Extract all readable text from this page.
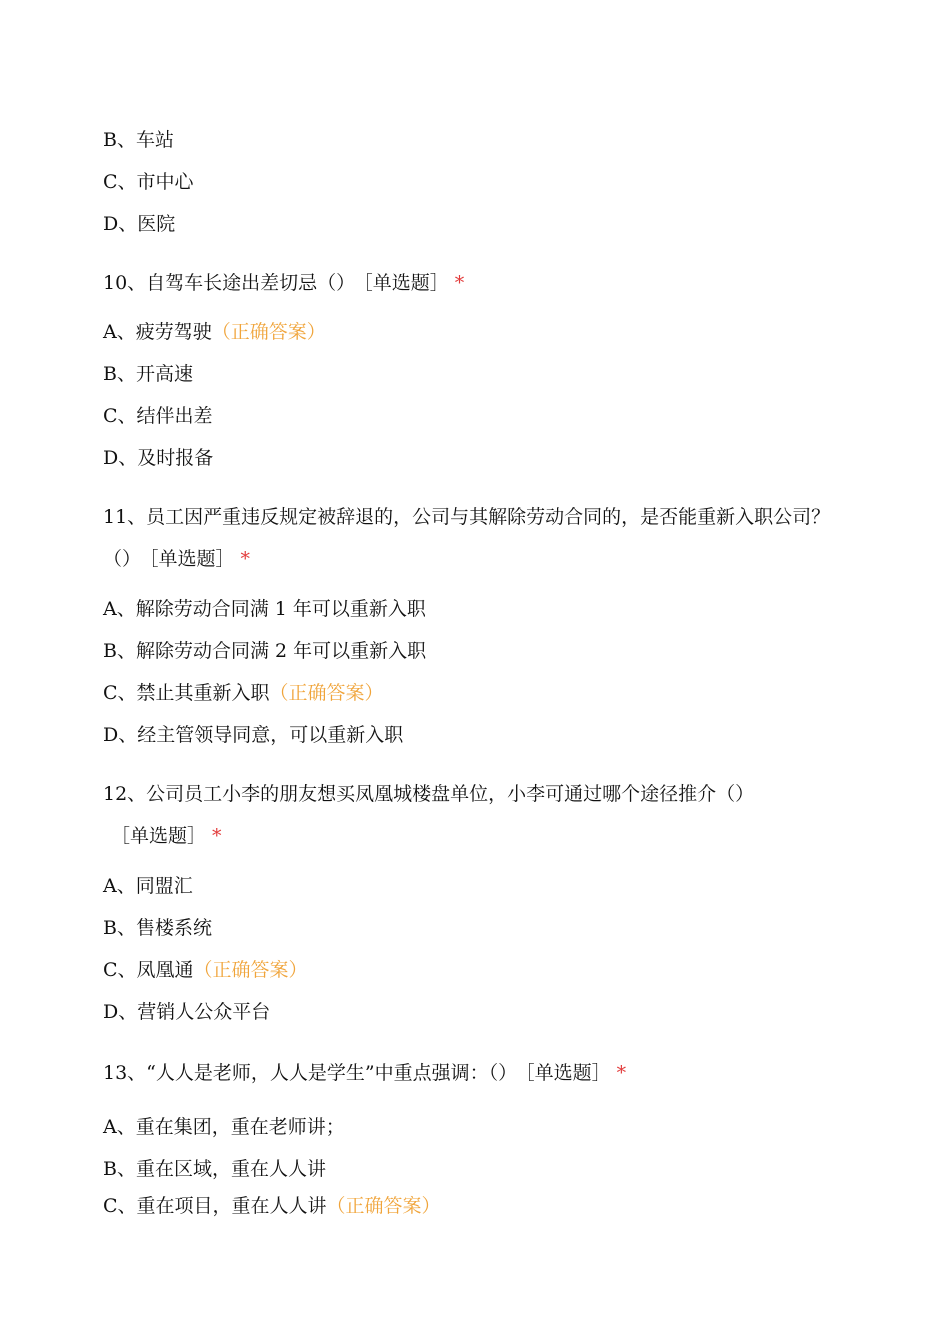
B、车站
C、市中心
D、医院
10、自驾车长途出差切忌（） ［单选题］ *
A、疲劳驾驶（正确答案）
B、开高速
C、结伴出差
D、及时报备
11、员工因严重违反规定被辞退的，公司与其解除劳动合同的，是否能重新入职公司？（） ［单选题］ *
A、解除劳动合同满 1 年可以重新入职
B、解除劳动合同满 2 年可以重新入职
C、禁止其重新入职（正确答案）
D、经主管领导同意，可以重新入职
12、公司员工小李的朋友想买凤凰城楼盘单位，小李可通过哪个途径推介（）［单选题］ *
A、同盟汇
B、售楼系统
C、凤凰通（正确答案）
D、营销人公众平台
13、“人人是老师，人人是学生”中重点强调：（） ［单选题］ *
A、重在集团，重在老师讲；
B、重在区域，重在人人讲
C、重在项目，重在人人讲（正确答案）
